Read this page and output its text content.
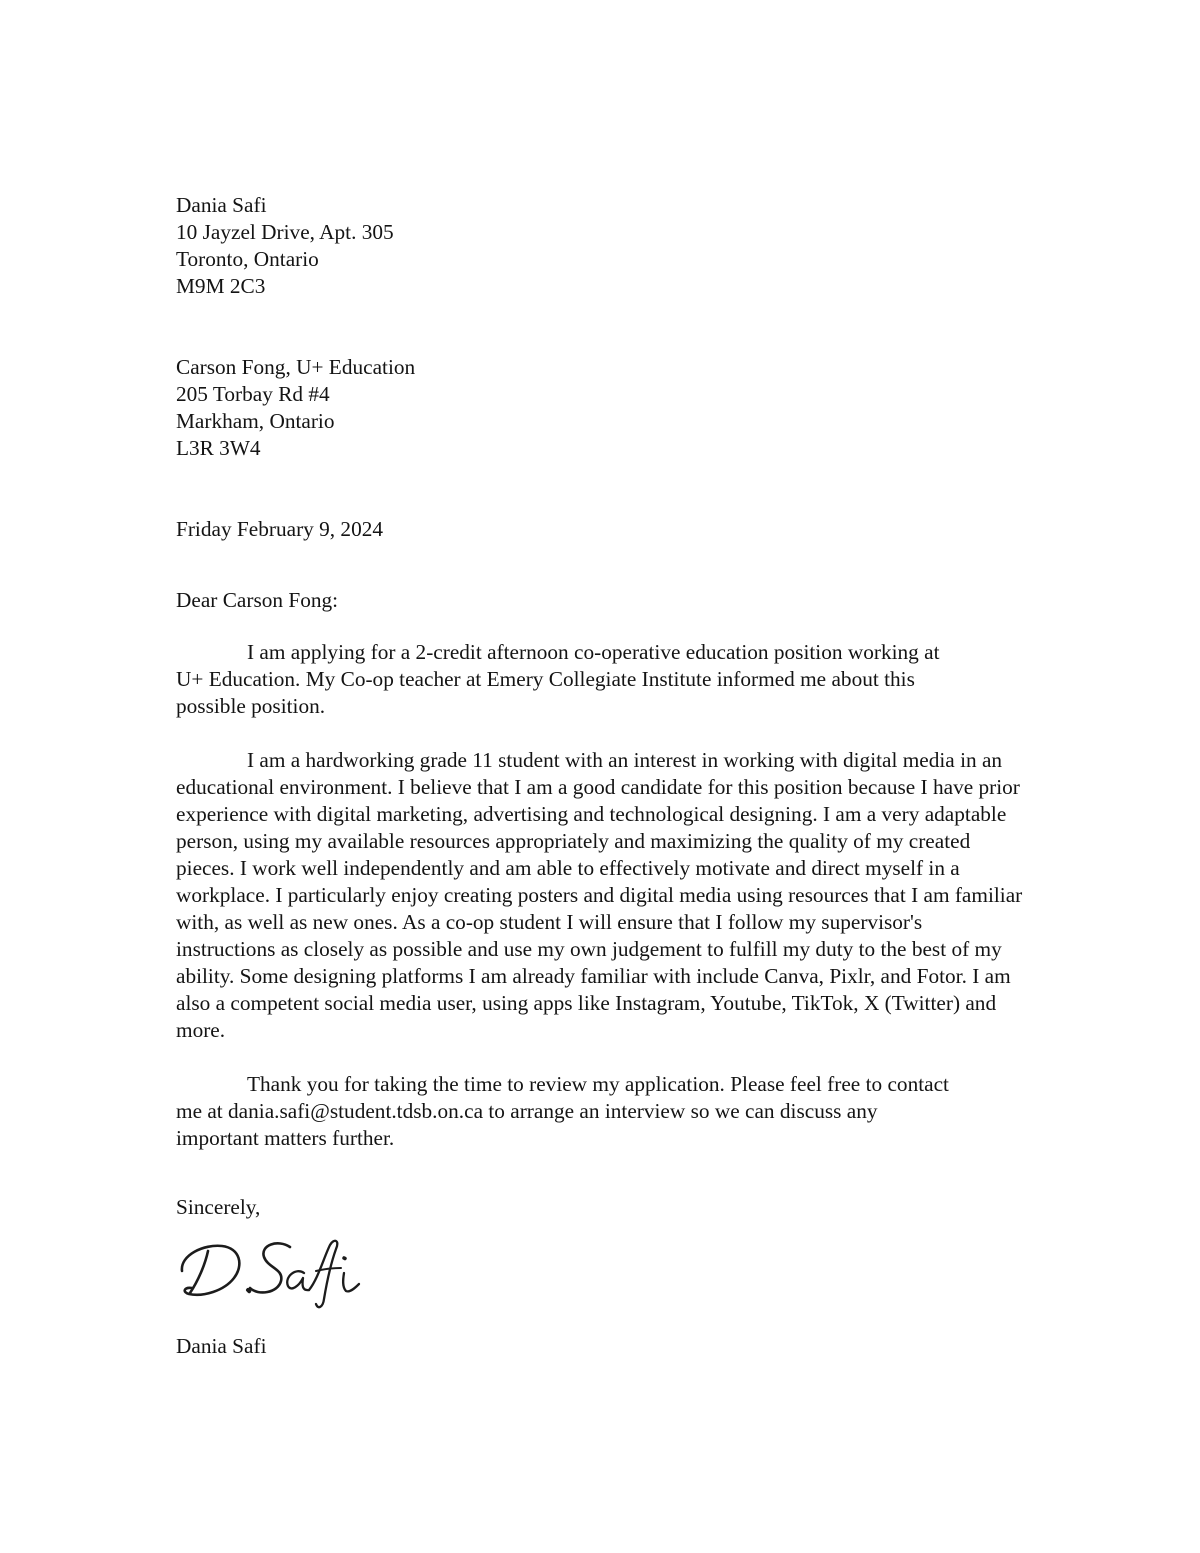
Dania Safi
10 Jayzel Drive, Apt. 305
Toronto, Ontario
M9M 2C3
Carson Fong, U+ Education
205 Torbay Rd #4
Markham, Ontario
L3R 3W4
Friday February 9, 2024
Dear Carson Fong:
I am applying for a 2-credit afternoon co-operative education position working at
U+ Education. My Co-op teacher at Emery Collegiate Institute informed me about this
possible position.
I am a hardworking grade 11 student with an interest in working with digital media in an
educational environment. I believe that I am a good candidate for this position because I have prior
experience with digital marketing, advertising and technological designing. I am a very adaptable
person, using my available resources appropriately and maximizing the quality of my created
pieces. I work well independently and am able to effectively motivate and direct myself in a
workplace. I particularly enjoy creating posters and digital media using resources that I am familiar
with, as well as new ones. As a co-op student I will ensure that I follow my supervisor's
instructions as closely as possible and use my own judgement to fulfill my duty to the best of my
ability. Some designing platforms I am already familiar with include Canva, Pixlr, and Fotor. I am
also a competent social media user, using apps like Instagram, Youtube, TikTok, X (Twitter) and
more.
Thank you for taking the time to review my application. Please feel free to contact
me at dania.safi@student.tdsb.on.ca to arrange an interview so we can discuss any
important matters further.
Sincerely,
Dania Safi
